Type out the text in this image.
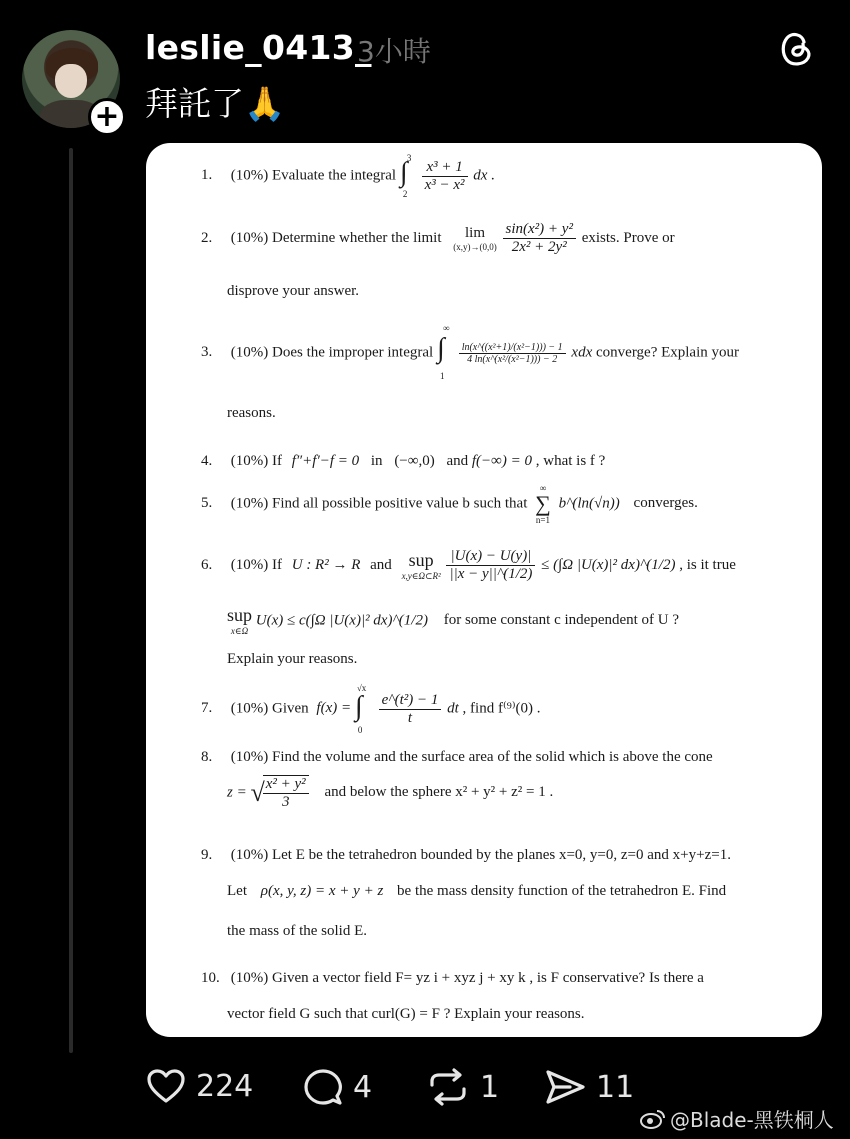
+
leslie_0413_
3小時
拜託了🙏
1. (10%) Evaluate the integral ∫ 3
2

$\frac{\text{x³ + 1}}{\text{x³ − x²}}$ dx .
2. (10%) Determine whether the limit	lim
(x,y)→(0,0)
$\frac{\text{sin(x²) + y²}}{\text{2x² + 2y²}}$ exists. Prove or
disprove your answer.
3. (10%) Does the improper integral ∫
∞
1

$\frac{\text{ln(x\textasciicircum{}((x²+1)/(x²−1))) − 1}}{\text{4 ln(x\textasciicircum{}(x²/(x²−1))) − 2}}$ xdx converge? Explain your
reasons.
4. (10%) If f″+f′−f = 0 in (−∞,0) and f(−∞) = 0 , what is f ?
5. (10%) Find all possible positive value b such that
∞
∑
n=1
b^(ln(√n)) converges.
6. (10%) If U : R² → R and sup
x,y∈Ω⊂R²
$\frac{|U(x) - U(y)|}{||x - y||\^{}(1/2)} \le (\int\Omega$ |U(x)|² dx)^(1/2) , is it true
sup
x∈Ω
U(x) ≤ c(∫Ω |U(x)|² dx)^(1/2) for some constant c independent of U ?
Explain your reasons.
7. (10%) Given f(x) = ∫
√x
0

$\frac{\text{e\textasciicircum{}(t²) − 1}}{t}$ dt , find f⁽⁹⁾(0) .
8. (10%) Find the volume and the surface area of the solid which is above the cone
z = √
$\frac{\text{x² + y²}}{3}$ and below the sphere x² + y² + z² = 1 .
9. (10%) Let E be the tetrahedron bounded by the planes x=0, y=0, z=0 and x+y+z=1.
Let ρ(x, y, z) = x + y + z be the mass density function of the tetrahedron E. Find
the mass of the solid E.
10. (10%) Given a vector field F= yz i + xyz j + xy k , is F conservative? Is there a
vector field G such that curl(G) = F ? Explain your reasons.
224	4	1	11
@Blade-黑铁桐人
